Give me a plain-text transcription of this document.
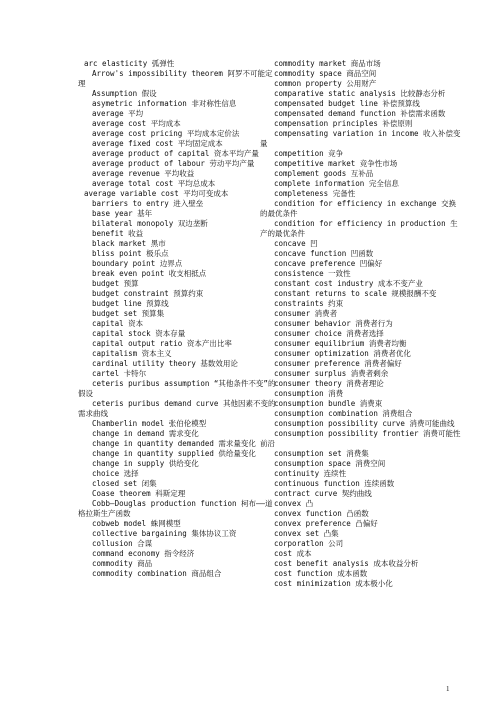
arc elasticity 弧弹性
Arrow's impossibility theorem 阿罗不可能定理
Assumption 假设
asymetric information 非对称性信息
average 平均
average cost 平均成本
average cost pricing 平均成本定价法
average fixed cost 平均固定成本
average product of capital 资本平均产量
average product of labour 劳动平均产量
average revenue 平均收益
average total cost 平均总成本
average variable cost 平均可变成本
barriers to entry 进入壁垒
base year 基年
bilateral monopoly 双边垄断
benefit 收益
black market 黑市
bliss point 极乐点
boundary point 边界点
break even point 收支相抵点
budget 预算
budget constraint 预算约束
budget line 预算线
budget set 预算集
capital 资本
capital stock 资本存量
capital output ratio 资本产出比率
capitalism 资本主义
cardinal utility theory 基数效用论
cartel 卡特尔
ceteris puribus assumption “其他条件不变”的假设
ceteris puribus demand curve 其他因素不变的需求曲线
Chamberlin model 张伯伦模型
change in demand 需求变化
change in quantity demanded 需求量变化
change in quantity supplied 供给量变化
change in supply 供给变化
choice 选择
closed set 闭集
Coase theorem 科斯定理
Cobb—Douglas production function 柯布——道格拉斯生产函数
cobweb model 蛛网模型
collective bargaining 集体协议工资
collusion 合谋
command economy 指令经济
commodity 商品
commodity combination 商品组合
commodity market 商品市场
commodity space 商品空间
common property 公用财产
comparative static analysis 比较静态分析
compensated budget line 补偿预算线
compensated demand function 补偿需求函数
compensation principles 补偿原则
compensating variation in income 收入补偿变量
competition 竞争
competitive market 竞争性市场
complement goods 互补品
complete information 完全信息
completeness 完备性
condition for efficiency in exchange 交换的最优条件
condition for efficiency in production 生产的最优条件
concave 凹
concave function 凹函数
concave preference 凹偏好
consistence 一致性
constant cost industry 成本不变产业
constant returns to scale 规模报酬不变
constraints 约束
consumer 消费者
consumer behavior 消费者行为
consumer choice 消费者选择
consumer equilibrium 消费者均衡
consumer optimization 消费者优化
consumer preference 消费者偏好
consumer surplus 消费者剩余
consumer theory 消费者理论
consumption 消费
consumption bundle 消费束
consumption combination 消费组合
consumption possibility curve 消费可能曲线
consumption possibility frontier 消费可能性前沿
consumption set 消费集
consumption space 消费空间
continuity 连续性
continuous function 连续函数
contract curve 契约曲线
convex 凸
convex function 凸函数
convex preference 凸偏好
convex set 凸集
corporatlon 公司
cost 成本
cost benefit analysis 成本收益分析
cost function 成本函数
cost minimization 成本极小化
1
